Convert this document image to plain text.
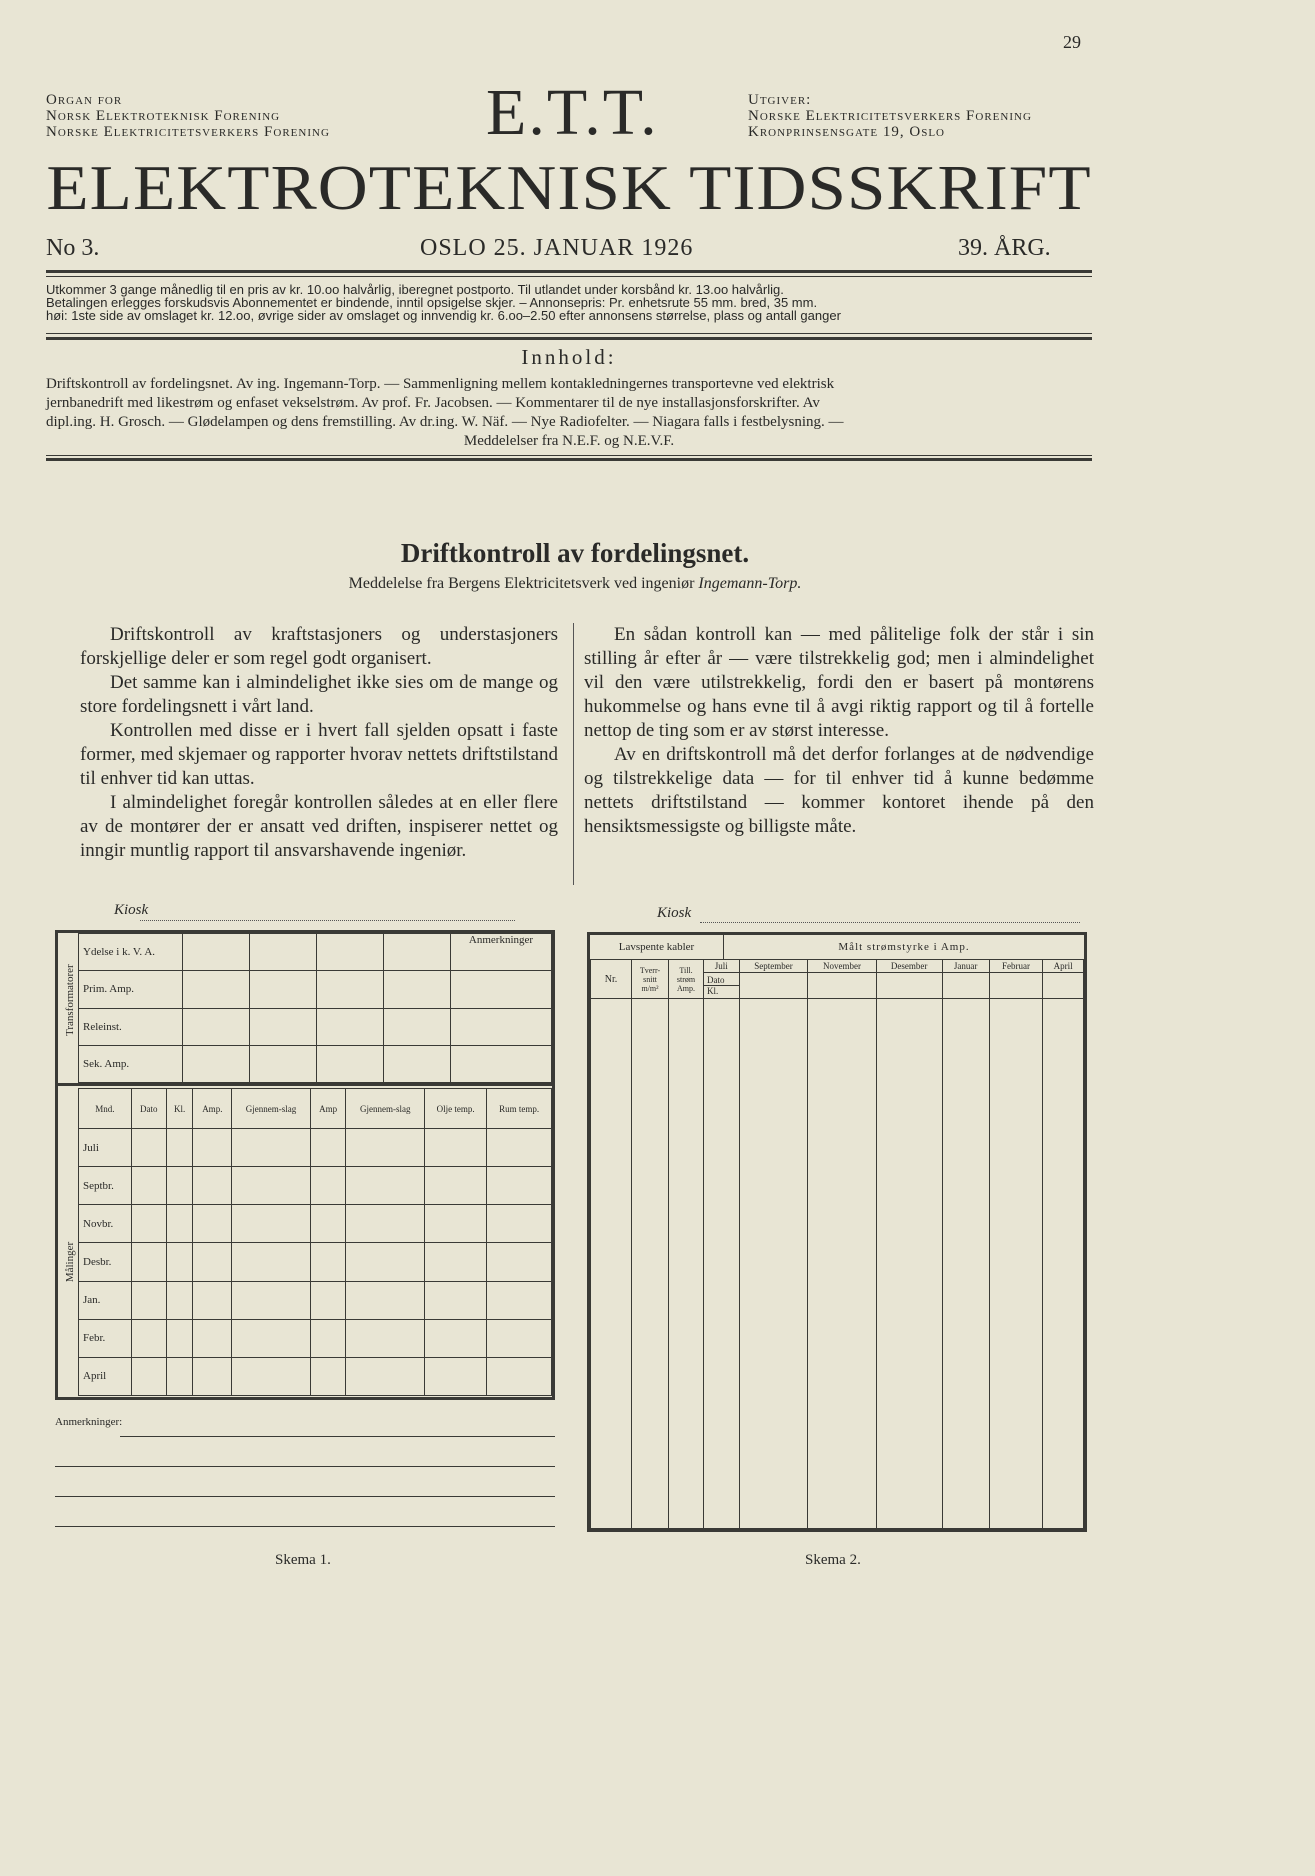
29
Organ for
Norsk Elektroteknisk Forening
Norske Elektricitetsverkers Forening E.T.T.	Utgiver:
Norske Elektricitetsverkers Forening
Kronprinsensgate 19, Oslo
ELEKTROTEKNISK TIDSSKRIFT
No 3.	OSLO 25. JANUAR 1926	39. ÅRG.
Utkommer 3 gange månedlig til en pris av kr. 10.oo halvårlig, iberegnet postporto. Til utlandet under korsbånd kr. 13.oo halvårlig.
Betalingen erlegges forskudsvis Abonnementet er bindende, inntil opsigelse skjer. – Annonsepris: Pr. enhetsrute 55 mm. bred, 35 mm.
høi: 1ste side av omslaget kr. 12.oo, øvrige sider av omslaget og innvendig kr. 6.oo–2.50 efter annonsens størrelse, plass og antall ganger
Innhold:
Driftskontroll av fordelingsnet. Av ing. Ingemann-Torp. — Sammenligning mellem kontakledningernes transportevne ved elektrisk
jernbanedrift med likestrøm og enfaset vekselstrøm. Av prof. Fr. Jacobsen. — Kommentarer til de nye installasjonsforskrifter. Av
dipl.ing. H. Grosch. — Glødelampen og dens fremstilling. Av dr.ing. W. Näf. — Nye Radiofelter. — Niagara falls i festbelysning. —
Meddelelser fra N.E.F. og N.E.V.F.
Driftkontroll av fordelingsnet.
Meddelelse fra Bergens Elektricitetsverk ved ingeniør Ingemann-Torp.

Driftskontroll av kraftstasjoners og understasjoners forskjellige deler er som regel godt organisert.

Det samme kan i almindelighet ikke sies om de mange og store fordelingsnett i vårt land.

Kontrollen med disse er i hvert fall sjelden opsatt i faste former, med skjemaer og rapporter hvorav nettets driftstilstand til enhver tid kan uttas.

I almindelighet foregår kontrollen således at en eller flere av de montører der er ansatt ved driften, inspiserer nettet og inngir muntlig rapport til ansvarshavende ingeniør.

En sådan kontroll kan — med pålitelige folk der står i sin stilling år efter år — være tilstrekkelig god; men i almindelighet vil den være utilstrekkelig, fordi den er basert på montørens hukommelse og hans evne til å avgi riktig rapport og til å fortelle nettop de ting som er av størst interesse.

Av en driftskontroll må det derfor forlanges at de nødvendige og tilstrekkelige data — for til enhver tid å kunne bedømme nettets driftstilstand — kommer kontoret ihende på den hensiktsmessigste og billigste måte.

Kiosk
Transformatorer
Målinger
Ydelse i k. V. A.					Anmerkninger
Prim. Amp.					
Releinst.					
Sek. Amp.					
Mnd.	Dato	Kl.	Amp.	Gjennem-slag	Amp	Gjennem-slag	Olje temp.	Rum temp.
Juli								
Septbr.								
Novbr.								
Desbr.								
Jan.								
Febr.								
April								
Anmerkninger:
Skema 1.
Kiosk
Lavspente kabler	Målt strømstyrke i Amp.
Nr.	Tverr-snitt m/m²	Till. strøm Amp.	Juli	September	November	Desember	Januar	Februar	April

			Dato
Kl.						

Skema 2.
